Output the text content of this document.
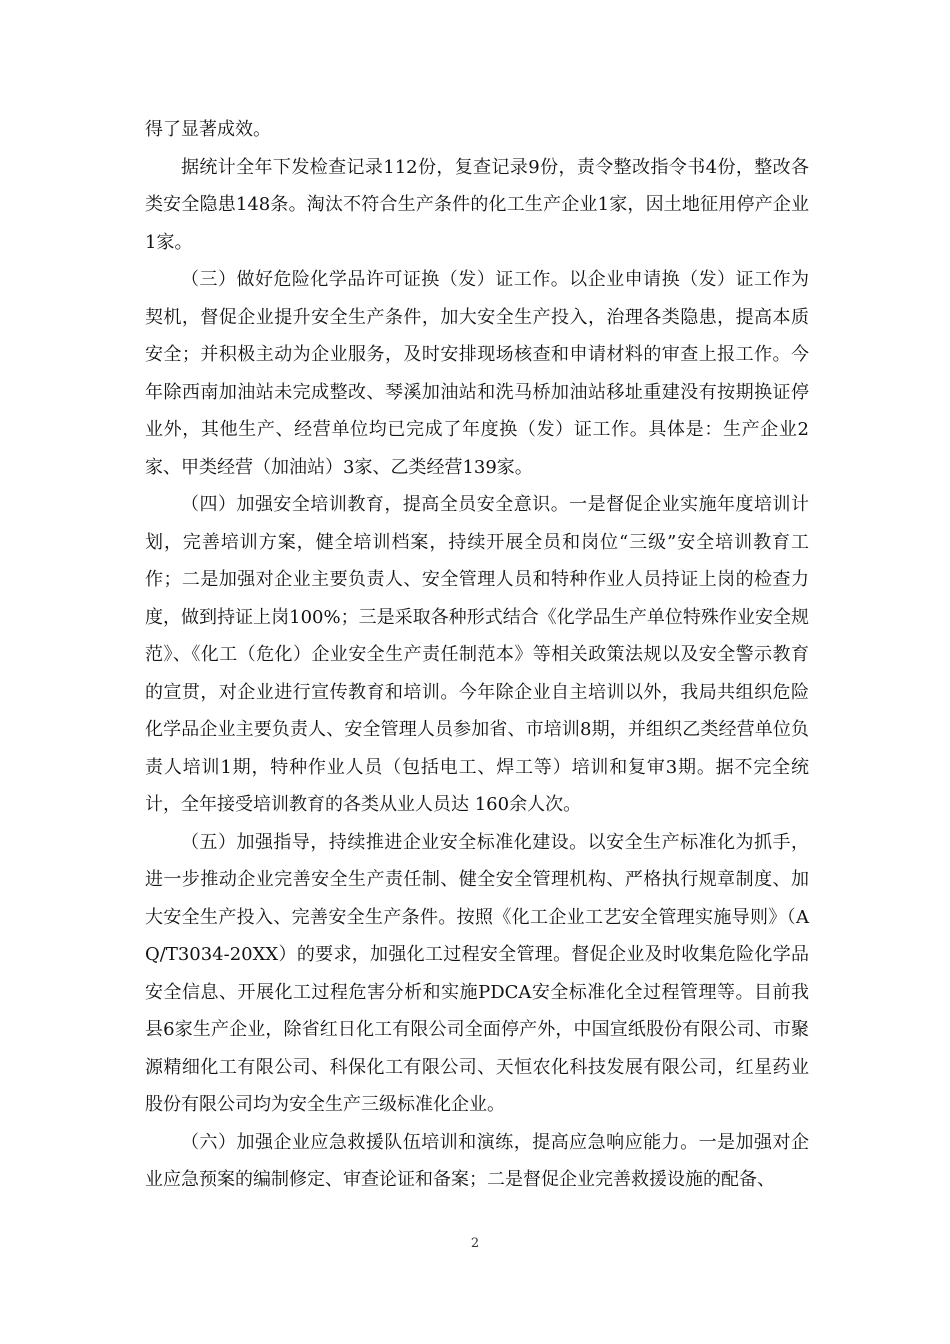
得了显著成效。

据统计全年下发检查记录112份，复查记录9份，责令整改指令书4份，整改各类安全隐患148条。淘汰不符合生产条件的化工生产企业1家，因土地征用停产企业1家。

（三）做好危险化学品许可证换（发）证工作。以企业申请换（发）证工作为契机，督促企业提升安全生产条件，加大安全生产投入，治理各类隐患，提高本质安全；并积极主动为企业服务，及时安排现场核查和申请材料的审查上报工作。今年除西南加油站未完成整改、琴溪加油站和洗马桥加油站移址重建没有按期换证停业外，其他生产、经营单位均已完成了年度换（发）证工作。具体是：生产企业2家、甲类经营（加油站）3家、乙类经营139家。

（四）加强安全培训教育，提高全员安全意识。一是督促企业实施年度培训计划，完善培训方案，健全培训档案，持续开展全员和岗位“三级”安全培训教育工作；二是加强对企业主要负责人、安全管理人员和特种作业人员持证上岗的检查力度，做到持证上岗100%；三是采取各种形式结合《化学品生产单位特殊作业安全规范》、《化工（危化）企业安全生产责任制范本》等相关政策法规以及安全警示教育的宣贯，对企业进行宣传教育和培训。今年除企业自主培训以外，我局共组织危险化学品企业主要负责人、安全管理人员参加省、市培训8期，并组织乙类经营单位负责人培训1期，特种作业人员（包括电工、焊工等）培训和复审3期。据不完全统计，全年接受培训教育的各类从业人员达 160余人次。

（五）加强指导，持续推进企业安全标准化建设。以安全生产标准化为抓手，进一步推动企业完善安全生产责任制、健全安全管理机构、严格执行规章制度、加大安全生产投入、完善安全生产条件。按照《化工企业工艺安全管理实施导则》（AQ/T3034-20XX）的要求，加强化工过程安全管理。督促企业及时收集危险化学品安全信息、开展化工过程危害分析和实施PDCA安全标准化全过程管理等。目前我县6家生产企业，除省红日化工有限公司全面停产外，中国宣纸股份有限公司、市聚源精细化工有限公司、科保化工有限公司、天恒农化科技发展有限公司，红星药业股份有限公司均为安全生产三级标准化企业。

（六）加强企业应急救援队伍培训和演练，提高应急响应能力。一是加强对企业应急预案的编制修定、审查论证和备案；二是督促企业完善救援设施的配备、

2
